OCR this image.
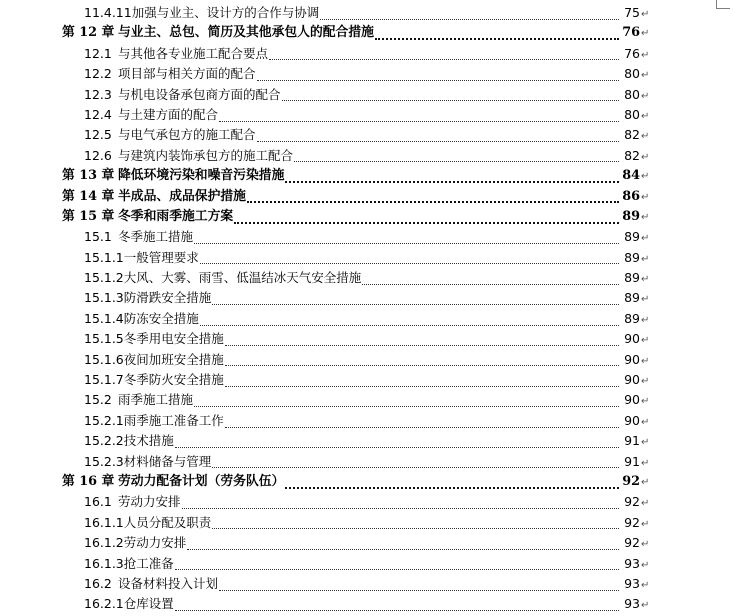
11.4.11 加强与业主、设计方的合作与协调	75 ↵
第 12 章 与业主、总包、简历及其他承包人的配合措施	76 ↵
12.1 与其他各专业施工配合要点	76 ↵
12.2 项目部与相关方面的配合	80 ↵
12.3 与机电设备承包商方面的配合	80 ↵
12.4 与土建方面的配合	80 ↵
12.5 与电气承包方的施工配合	82 ↵
12.6 与建筑内装饰承包方的施工配合	82 ↵
第 13 章 降低环境污染和噪音污染措施	84 ↵
第 14 章 半成品、成品保护措施	86 ↵
第 15 章 冬季和雨季施工方案	89 ↵
15.1 冬季施工措施	89 ↵
15.1.1 一般管理要求	89 ↵
15.1.2 大风、大雾、雨雪、低温结冰天气安全措施	89 ↵
15.1.3 防滑跌安全措施	89 ↵
15.1.4 防冻安全措施	89 ↵
15.1.5 冬季用电安全措施	90 ↵
15.1.6 夜间加班安全措施	90 ↵
15.1.7 冬季防火安全措施	90 ↵
15.2 雨季施工措施	90 ↵
15.2.1 雨季施工准备工作	90 ↵
15.2.2 技术措施	91 ↵
15.2.3 材料储备与管理	91 ↵
第 16 章 劳动力配备计划（劳务队伍）	92 ↵
16.1 劳动力安排	92 ↵
16.1.1 人员分配及职责	92 ↵
16.1.2 劳动力安排	92 ↵
16.1.3 抢工准备	93 ↵
16.2 设备材料投入计划	93 ↵
16.2.1 仓库设置	93 ↵
